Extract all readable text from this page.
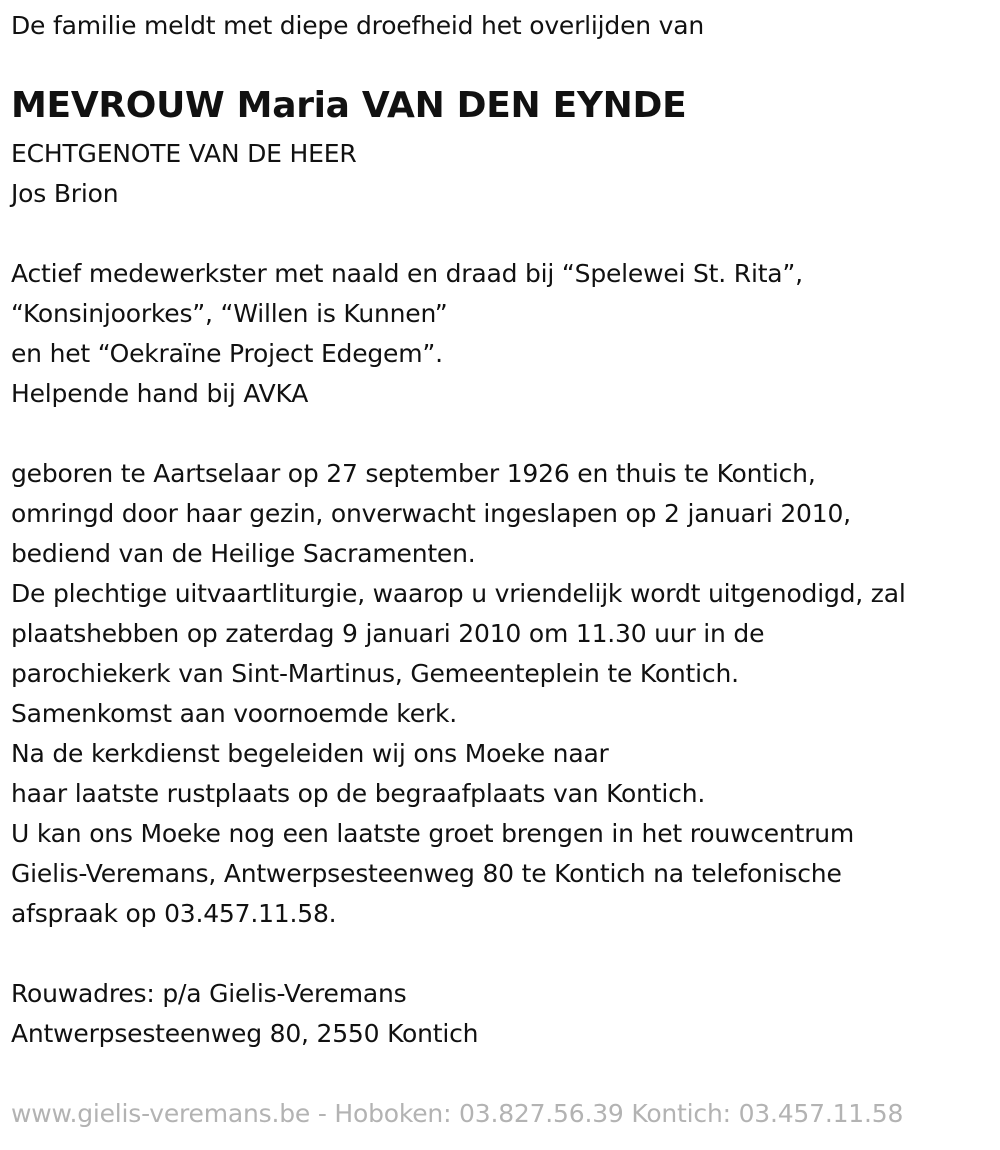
De familie meldt met diepe droefheid het overlijden van
MEVROUW Maria VAN DEN EYNDE
ECHTGENOTE VAN DE HEER
Jos Brion
Actief medewerkster met naald en draad bij “Spelewei St. Rita”,
“Konsinjoorkes”, “Willen is Kunnen”
en het “Oekraïne Project Edegem”.
Helpende hand bij AVKA
geboren te Aartselaar op 27 september 1926 en thuis te Kontich,
omringd door haar gezin, onverwacht ingeslapen op 2 januari 2010,
bediend van de Heilige Sacramenten.
De plechtige uitvaartliturgie, waarop u vriendelijk wordt uitgenodigd, zal
plaatshebben op zaterdag 9 januari 2010 om 11.30 uur in de
parochiekerk van Sint-Martinus, Gemeenteplein te Kontich.
Samenkomst aan voornoemde kerk.
Na de kerkdienst begeleiden wij ons Moeke naar
haar laatste rustplaats op de begraafplaats van Kontich.
U kan ons Moeke nog een laatste groet brengen in het rouwcentrum
Gielis-Veremans, Antwerpsesteenweg 80 te Kontich na telefonische
afspraak op 03.457.11.58.
Rouwadres: p/a Gielis-Veremans
Antwerpsesteenweg 80, 2550 Kontich
www.gielis-veremans.be - Hoboken: 03.827.56.39 Kontich: 03.457.11.58
